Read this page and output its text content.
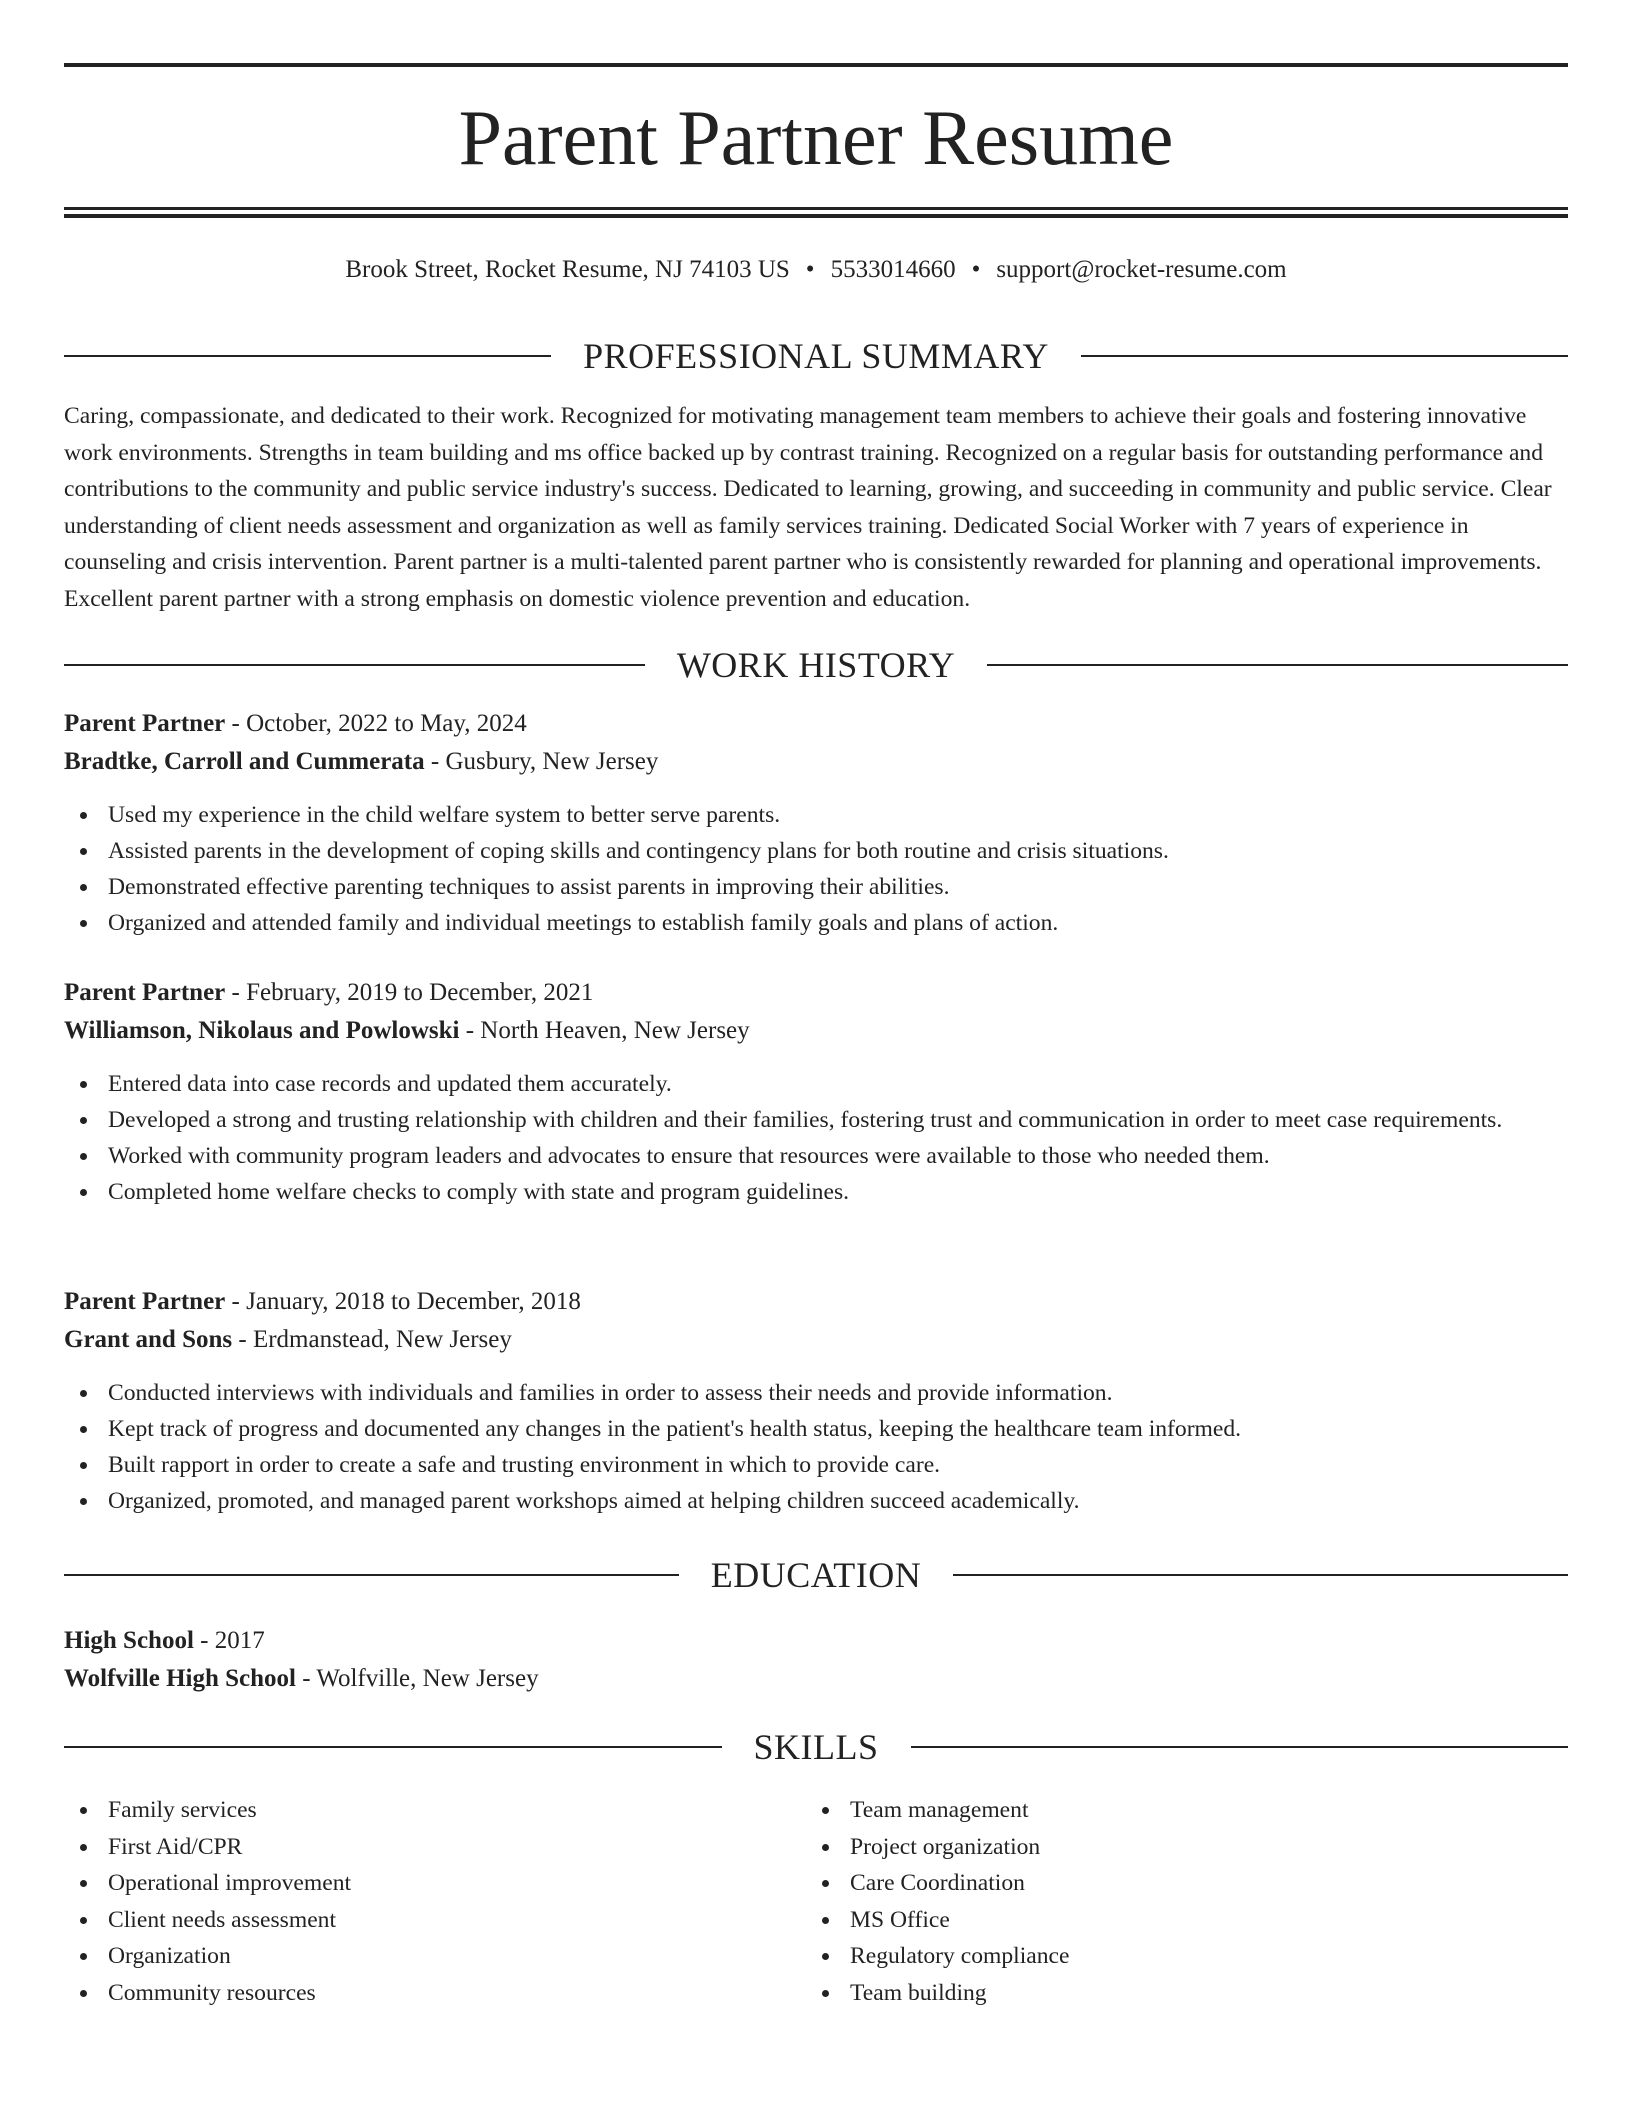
Parent Partner Resume
Brook Street, Rocket Resume, NJ 74103 US • 5533014660 • support@rocket-resume.com
PROFESSIONAL SUMMARY

Caring, compassionate, and dedicated to their work. Recognized for motivating management team members to achieve their goals and fostering innovative work environments. Strengths in team building and ms office backed up by contrast training. Recognized on a regular basis for outstanding performance and contributions to the community and public service industry's success. Dedicated to learning, growing, and succeeding in community and public service. Clear understanding of client needs assessment and organization as well as family services training. Dedicated Social Worker with 7 years of experience in counseling and crisis intervention. Parent partner is a multi-talented parent partner who is consistently rewarded for planning and operational improvements. Excellent parent partner with a strong emphasis on domestic violence prevention and education.

WORK HISTORY
Parent Partner - October, 2022 to May, 2024
Bradtke, Carroll and Cummerata - Gusbury, New Jersey
Used my experience in the child welfare system to better serve parents.
Assisted parents in the development of coping skills and contingency plans for both routine and crisis situations.
Demonstrated effective parenting techniques to assist parents in improving their abilities.
Organized and attended family and individual meetings to establish family goals and plans of action.
Parent Partner - February, 2019 to December, 2021
Williamson, Nikolaus and Powlowski - North Heaven, New Jersey
Entered data into case records and updated them accurately.
Developed a strong and trusting relationship with children and their families, fostering trust and communication in order to meet case requirements.
Worked with community program leaders and advocates to ensure that resources were available to those who needed them.
Completed home welfare checks to comply with state and program guidelines.
Parent Partner - January, 2018 to December, 2018
Grant and Sons - Erdmanstead, New Jersey
Conducted interviews with individuals and families in order to assess their needs and provide information.
Kept track of progress and documented any changes in the patient's health status, keeping the healthcare team informed.
Built rapport in order to create a safe and trusting environment in which to provide care.
Organized, promoted, and managed parent workshops aimed at helping children succeed academically.
EDUCATION
High School - 2017
Wolfville High School - Wolfville, New Jersey
SKILLS
Family services
First Aid/CPR
Operational improvement
Client needs assessment
Organization
Community resources
Team management
Project organization
Care Coordination
MS Office
Regulatory compliance
Team building
